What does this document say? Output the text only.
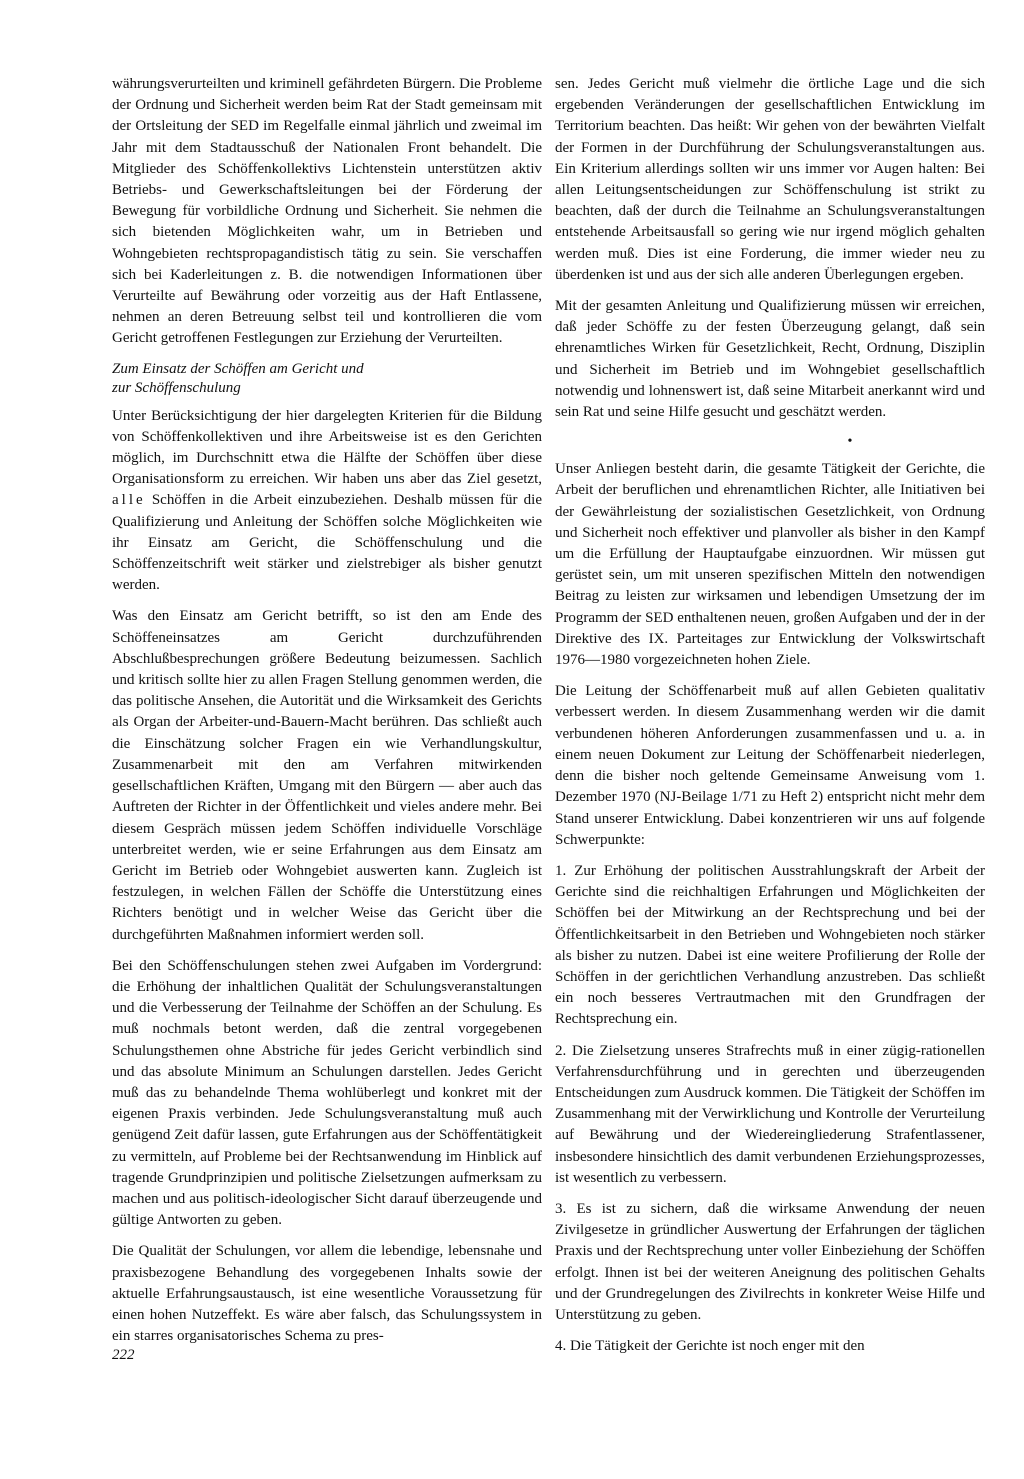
währungsverurteilten und kriminell gefährdeten Bürgern. Die Probleme der Ordnung und Sicherheit werden beim Rat der Stadt gemeinsam mit der Ortsleitung der SED im Regelfalle einmal jährlich und zweimal im Jahr mit dem Stadtausschuß der Nationalen Front behandelt. Die Mitglieder des Schöffenkollektivs Lichtenstein unterstützen aktiv Betriebs- und Gewerkschaftsleitungen bei der Förderung der Bewegung für vorbildliche Ordnung und Sicherheit. Sie nehmen die sich bietenden Möglichkeiten wahr, um in Betrieben und Wohngebieten rechtspropagandistisch tätig zu sein. Sie verschaffen sich bei Kaderleitungen z. B. die notwendigen Informationen über Verurteilte auf Bewährung oder vorzeitig aus der Haft Entlassene, nehmen an deren Betreuung selbst teil und kontrollieren die vom Gericht getroffenen Festlegungen zur Erziehung der Verurteilten.

Zum Einsatz der Schöffen am Gericht und
zur Schöffenschulung

Unter Berücksichtigung der hier dargelegten Kriterien für die Bildung von Schöffenkollektiven und ihre Arbeitsweise ist es den Gerichten möglich, im Durchschnitt etwa die Hälfte der Schöffen über diese Organisationsform zu erreichen. Wir haben uns aber das Ziel gesetzt, alle Schöffen in die Arbeit einzubeziehen. Deshalb müssen für die Qualifizierung und Anleitung der Schöffen solche Möglichkeiten wie ihr Einsatz am Gericht, die Schöffenschulung und die Schöffenzeitschrift weit stärker und zielstrebiger als bisher genutzt werden.

Was den Einsatz am Gericht betrifft, so ist den am Ende des Schöffeneinsatzes am Gericht durchzuführenden Abschlußbesprechungen größere Bedeutung beizumessen. Sachlich und kritisch sollte hier zu allen Fragen Stellung genommen werden, die das politische Ansehen, die Autorität und die Wirksamkeit des Gerichts als Organ der Arbeiter-und-Bauern-Macht berühren. Das schließt auch die Einschätzung solcher Fragen ein wie Verhandlungskultur, Zusammenarbeit mit den am Verfahren mitwirkenden gesellschaftlichen Kräften, Umgang mit den Bürgern — aber auch das Auftreten der Richter in der Öffentlichkeit und vieles andere mehr. Bei diesem Gespräch müssen jedem Schöffen individuelle Vorschläge unterbreitet werden, wie er seine Erfahrungen aus dem Einsatz am Gericht im Betrieb oder Wohngebiet auswerten kann. Zugleich ist festzulegen, in welchen Fällen der Schöffe die Unterstützung eines Richters benötigt und in welcher Weise das Gericht über die durchgeführten Maßnahmen informiert werden soll.

Bei den Schöffenschulungen stehen zwei Aufgaben im Vordergrund: die Erhöhung der inhaltlichen Qualität der Schulungsveranstaltungen und die Verbesserung der Teilnahme der Schöffen an der Schulung. Es muß nochmals betont werden, daß die zentral vorgegebenen Schulungsthemen ohne Abstriche für jedes Gericht verbindlich sind und das absolute Minimum an Schulungen darstellen. Jedes Gericht muß das zu behandelnde Thema wohlüberlegt und konkret mit der eigenen Praxis verbinden. Jede Schulungsveranstaltung muß auch genügend Zeit dafür lassen, gute Erfahrungen aus der Schöffentätigkeit zu vermitteln, auf Probleme bei der Rechtsanwendung im Hinblick auf tragende Grundprinzipien und politische Zielsetzungen aufmerksam zu machen und aus politisch-ideologischer Sicht darauf überzeugende und gültige Antworten zu geben.

Die Qualität der Schulungen, vor allem die lebendige, lebensnahe und praxisbezogene Behandlung des vorgegebenen Inhalts sowie der aktuelle Erfahrungsaustausch, ist eine wesentliche Voraussetzung für einen hohen Nutzeffekt. Es wäre aber falsch, das Schulungssystem in ein starres organisatorisches Schema zu pres-

sen. Jedes Gericht muß vielmehr die örtliche Lage und die sich ergebenden Veränderungen der gesellschaftlichen Entwicklung im Territorium beachten. Das heißt: Wir gehen von der bewährten Vielfalt der Formen in der Durchführung der Schulungsveranstaltungen aus. Ein Kriterium allerdings sollten wir uns immer vor Augen halten: Bei allen Leitungsentscheidungen zur Schöffenschulung ist strikt zu beachten, daß der durch die Teilnahme an Schulungsveranstaltungen entstehende Arbeitsausfall so gering wie nur irgend möglich gehalten werden muß. Dies ist eine Forderung, die immer wieder neu zu überdenken ist und aus der sich alle anderen Überlegungen ergeben.

Mit der gesamten Anleitung und Qualifizierung müssen wir erreichen, daß jeder Schöffe zu der festen Überzeugung gelangt, daß sein ehrenamtliches Wirken für Gesetzlichkeit, Recht, Ordnung, Disziplin und Sicherheit im Betrieb und im Wohngebiet gesellschaftlich notwendig und lohnenswert ist, daß seine Mitarbeit anerkannt wird und sein Rat und seine Hilfe gesucht und geschätzt werden.

•

Unser Anliegen besteht darin, die gesamte Tätigkeit der Gerichte, die Arbeit der beruflichen und ehrenamtlichen Richter, alle Initiativen bei der Gewährleistung der sozialistischen Gesetzlichkeit, von Ordnung und Sicherheit noch effektiver und planvoller als bisher in den Kampf um die Erfüllung der Hauptaufgabe einzuordnen. Wir müssen gut gerüstet sein, um mit unseren spezifischen Mitteln den notwendigen Beitrag zu leisten zur wirksamen und lebendigen Umsetzung der im Programm der SED enthaltenen neuen, großen Aufgaben und der in der Direktive des IX. Parteitages zur Entwicklung der Volkswirtschaft 1976—1980 vorgezeichneten hohen Ziele.

Die Leitung der Schöffenarbeit muß auf allen Gebieten qualitativ verbessert werden. In diesem Zusammenhang werden wir die damit verbundenen höheren Anforderungen zusammenfassen und u. a. in einem neuen Dokument zur Leitung der Schöffenarbeit niederlegen, denn die bisher noch geltende Gemeinsame Anweisung vom 1. Dezember 1970 (NJ-Beilage 1/71 zu Heft 2) entspricht nicht mehr dem Stand unserer Entwicklung. Dabei konzentrieren wir uns auf folgende Schwerpunkte:

1. Zur Erhöhung der politischen Ausstrahlungskraft der Arbeit der Gerichte sind die reichhaltigen Erfahrungen und Möglichkeiten der Schöffen bei der Mitwirkung an der Rechtsprechung und bei der Öffentlichkeitsarbeit in den Betrieben und Wohngebieten noch stärker als bisher zu nutzen. Dabei ist eine weitere Profilierung der Rolle der Schöffen in der gerichtlichen Verhandlung anzustreben. Das schließt ein noch besseres Vertrautmachen mit den Grundfragen der Rechtsprechung ein.

2. Die Zielsetzung unseres Strafrechts muß in einer zügig-rationellen Verfahrensdurchführung und in gerechten und überzeugenden Entscheidungen zum Ausdruck kommen. Die Tätigkeit der Schöffen im Zusammenhang mit der Verwirklichung und Kontrolle der Verurteilung auf Bewährung und der Wiedereingliederung Strafentlassener, insbesondere hinsichtlich des damit verbundenen Erziehungsprozesses, ist wesentlich zu verbessern.

3. Es ist zu sichern, daß die wirksame Anwendung der neuen Zivilgesetze in gründlicher Auswertung der Erfahrungen der täglichen Praxis und der Rechtsprechung unter voller Einbeziehung der Schöffen erfolgt. Ihnen ist bei der weiteren Aneignung des politischen Gehalts und der Grundregelungen des Zivilrechts in konkreter Weise Hilfe und Unterstützung zu geben.

4. Die Tätigkeit der Gerichte ist noch enger mit den

222
